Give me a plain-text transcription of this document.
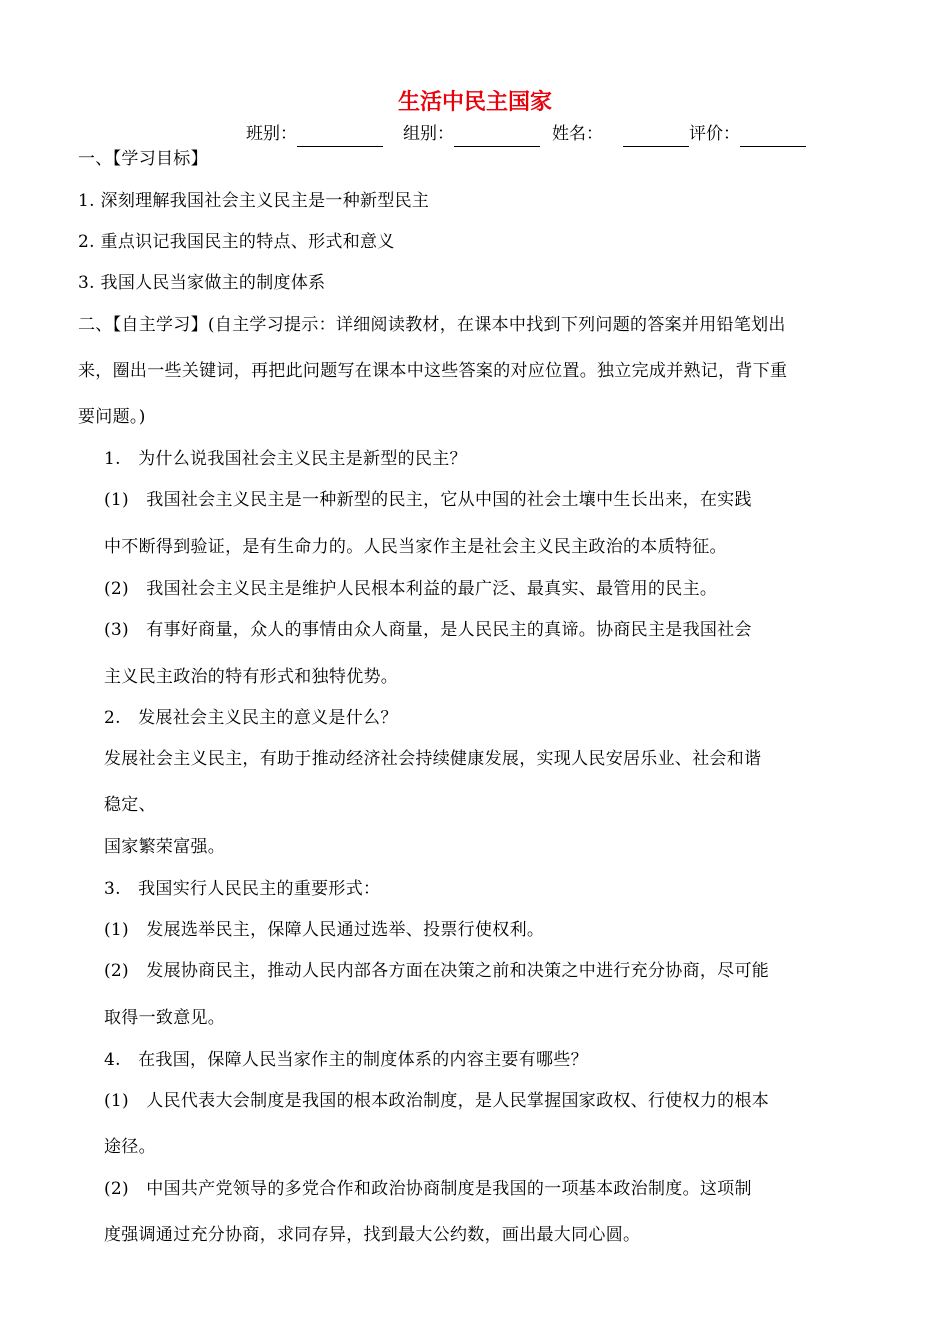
生活中民主国家
班别：	组别：	姓名：	评价：
一、【学习目标】
1. 深刻理解我国社会主义民主是一种新型民主
2. 重点识记我国民主的特点、形式和意义
3. 我国人民当家做主的制度体系
二、【自主学习】(自主学习提示：详细阅读教材，在课本中找到下列问题的答案并用铅笔划出
来，圈出一些关键词，再把此问题写在课本中这些答案的对应位置。独立完成并熟记，背下重
要问题。)
1.　为什么说我国社会主义民主是新型的民主？
(1)　我国社会主义民主是一种新型的民主，它从中国的社会土壤中生长出来，在实践
中不断得到验证，是有生命力的。人民当家作主是社会主义民主政治的本质特征。
(2)　我国社会主义民主是维护人民根本利益的最广泛、最真实、最管用的民主。
(3)　有事好商量，众人的事情由众人商量，是人民民主的真谛。协商民主是我国社会
主义民主政治的特有形式和独特优势。
2.　发展社会主义民主的意义是什么？
发展社会主义民主，有助于推动经济社会持续健康发展，实现人民安居乐业、社会和谐
稳定、
国家繁荣富强。
3.　我国实行人民民主的重要形式：
(1)　发展选举民主，保障人民通过选举、投票行使权利。
(2)　发展协商民主，推动人民内部各方面在决策之前和决策之中进行充分协商，尽可能
取得一致意见。
4.　在我国，保障人民当家作主的制度体系的内容主要有哪些？
(1)　人民代表大会制度是我国的根本政治制度，是人民掌握国家政权、行使权力的根本
途径。
(2)　中国共产党领导的多党合作和政治协商制度是我国的一项基本政治制度。这项制
度强调通过充分协商，求同存异，找到最大公约数，画出最大同心圆。
